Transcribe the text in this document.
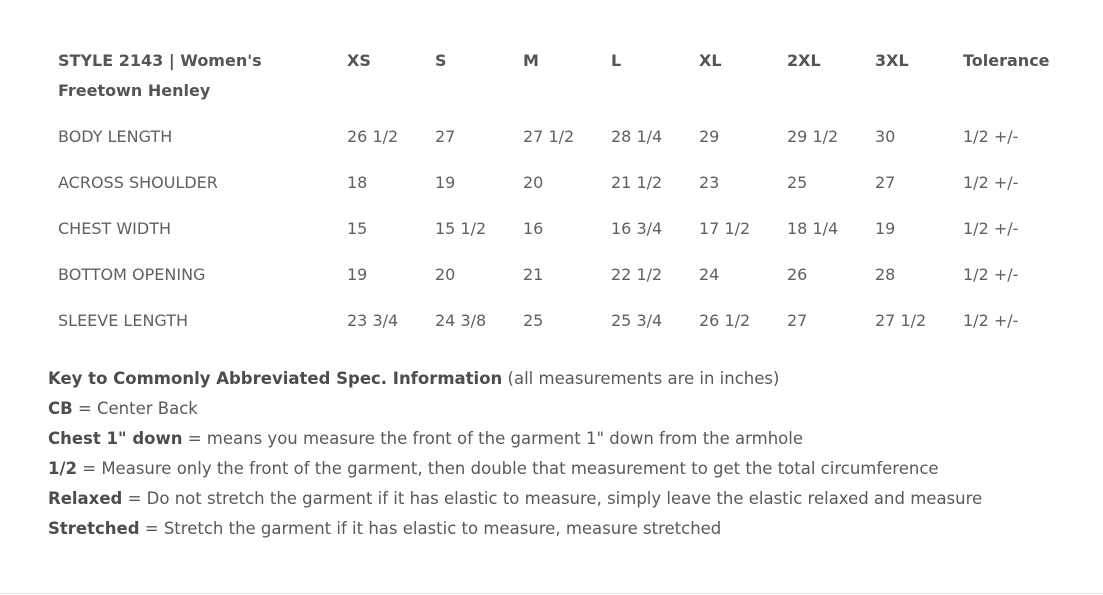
STYLE 2143 | Women's Freetown Henley	XS	S	M	L	XL	2XL	3XL	Tolerance
BODY LENGTH	26 1/2	27	27 1/2	28 1/4	29	29 1/2	30	1/2 +/-
ACROSS SHOULDER	18	19	20	21 1/2	23	25	27	1/2 +/-
CHEST WIDTH	15	15 1/2	16	16 3/4	17 1/2	18 1/4	19	1/2 +/-
BOTTOM OPENING	19	20	21	22 1/2	24	26	28	1/2 +/-
SLEEVE LENGTH	23 3/4	24 3/8	25	25 3/4	26 1/2	27	27 1/2	1/2 +/-
Key to Commonly Abbreviated Spec. Information (all measurements are in inches)
CB = Center Back
Chest 1" down = means you measure the front of the garment 1" down from the armhole
1/2 = Measure only the front of the garment, then double that measurement to get the total circumference
Relaxed = Do not stretch the garment if it has elastic to measure, simply leave the elastic relaxed and measure
Stretched = Stretch the garment if it has elastic to measure, measure stretched
